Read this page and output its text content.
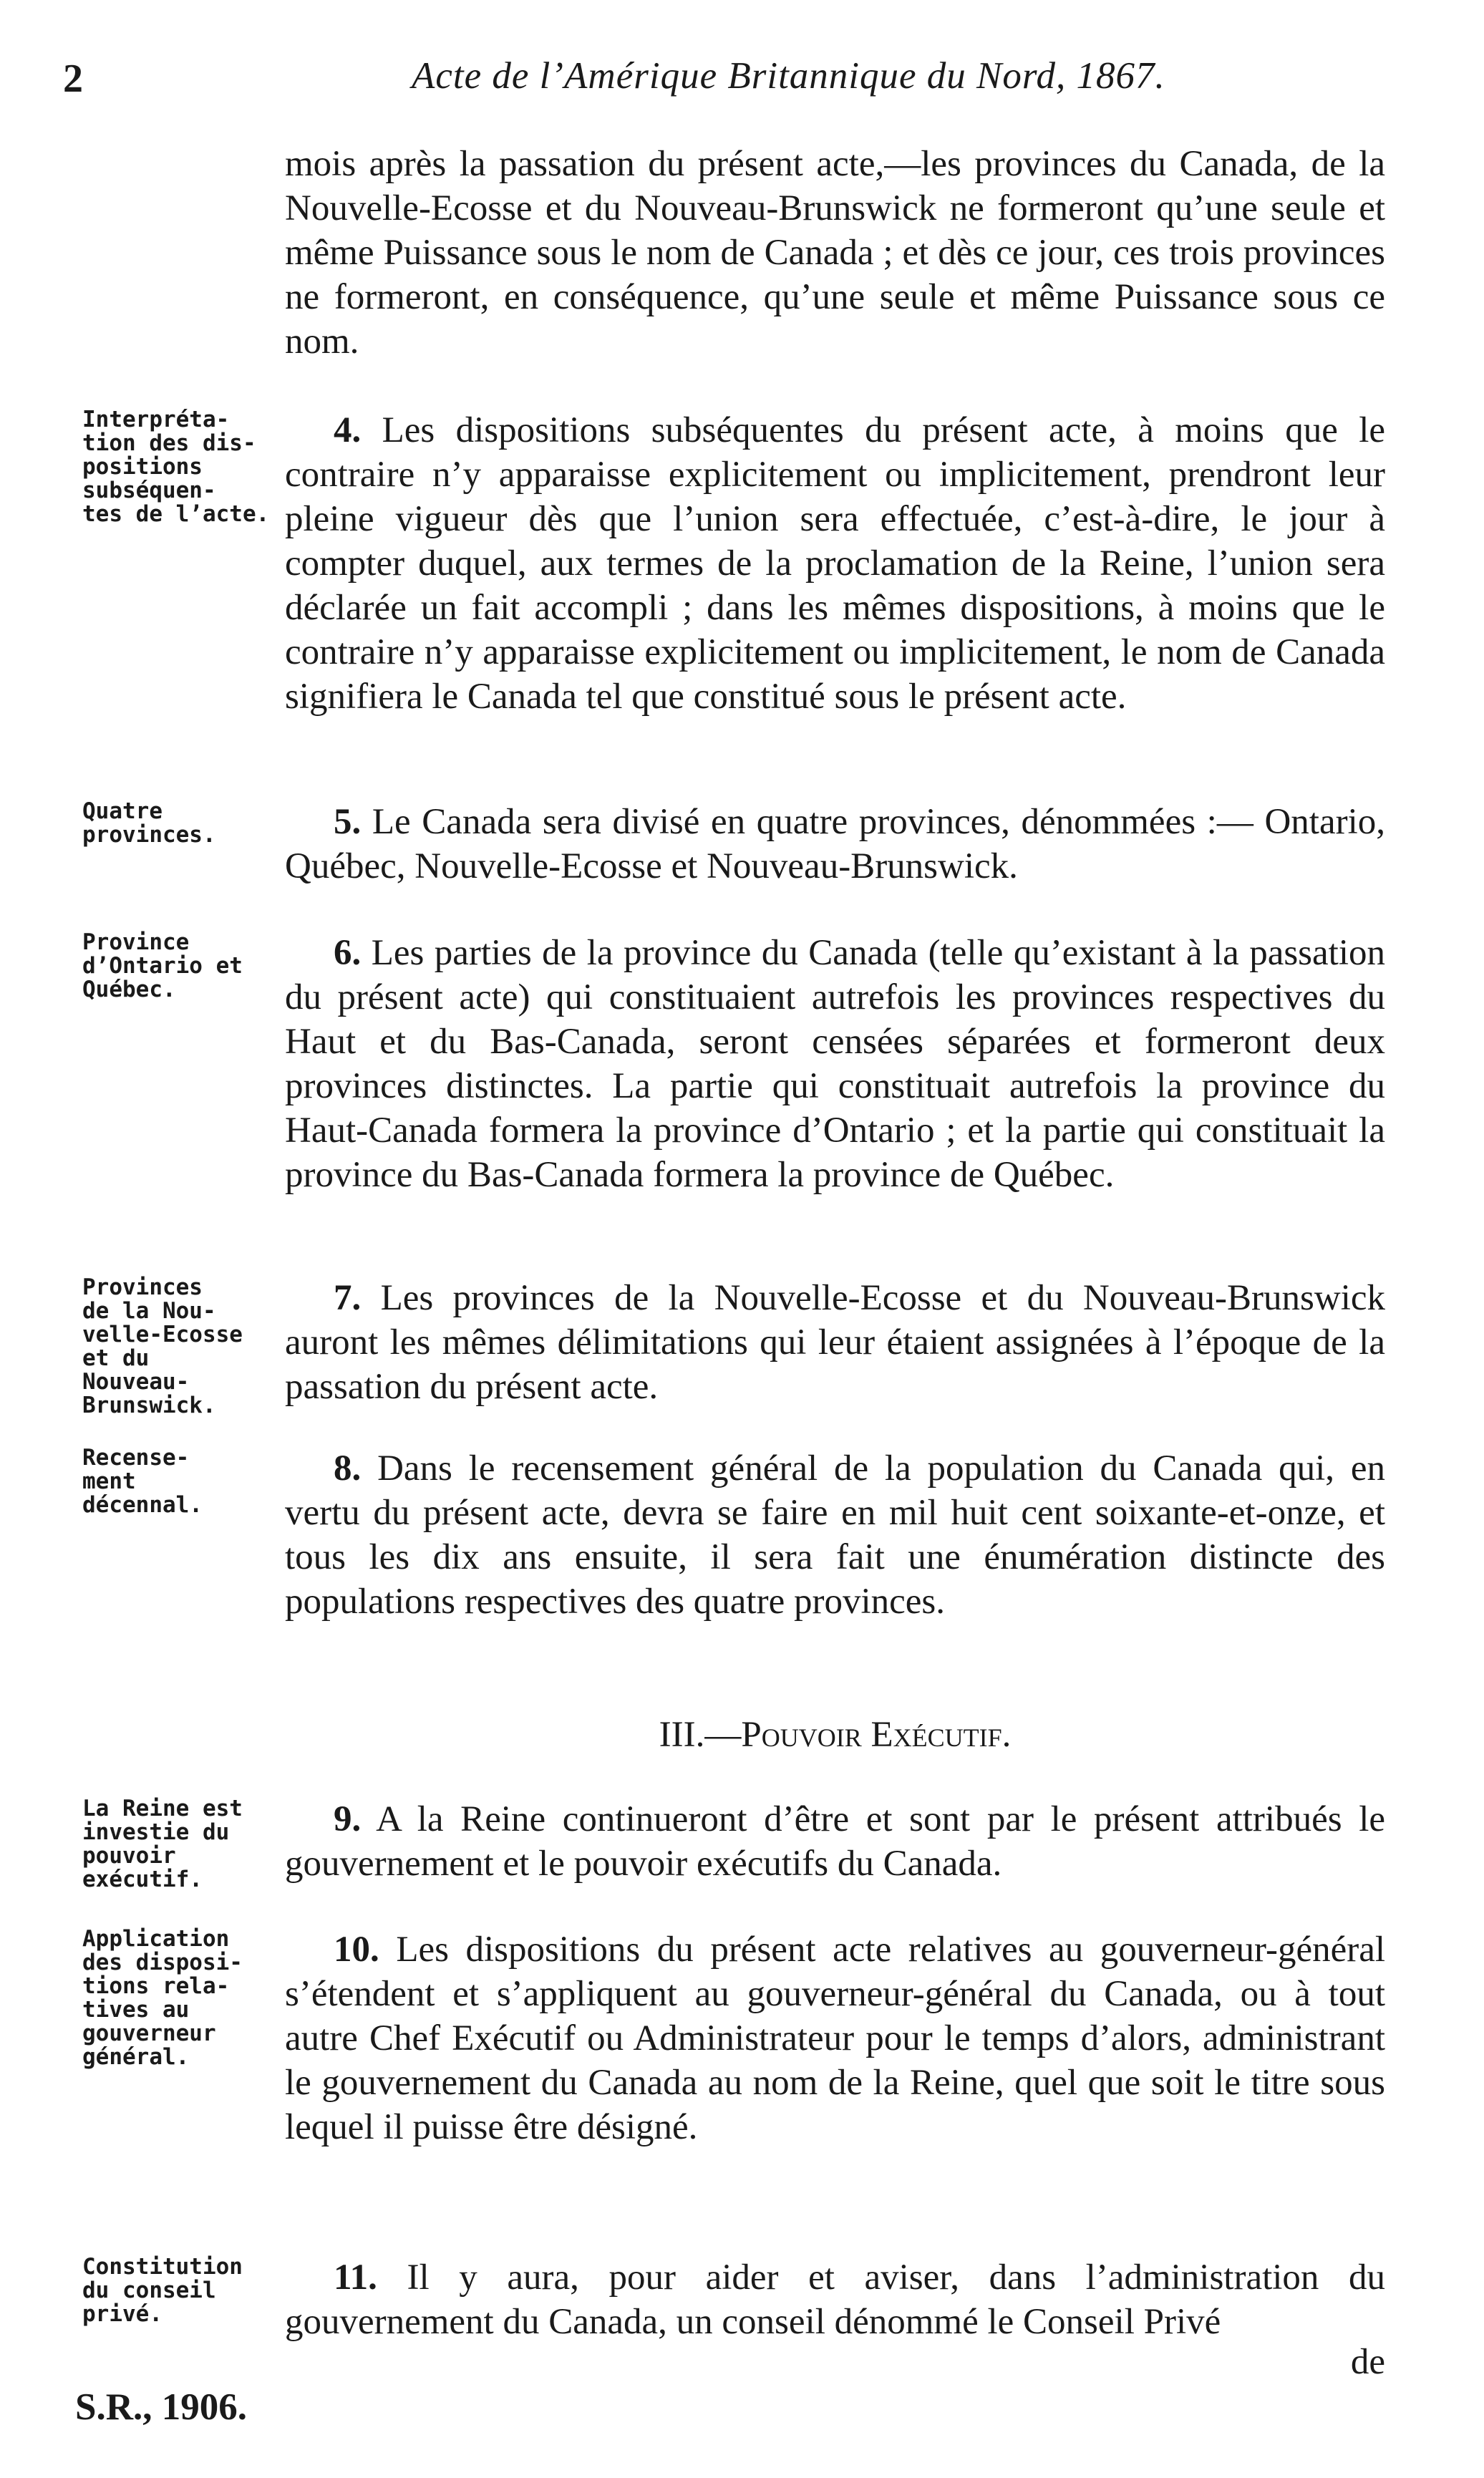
2	Acte de l’Amérique Britannique du Nord, 1867.

mois après la passation du présent acte,—les provinces du Canada, de la Nouvelle-Ecosse et du Nouveau-Brunswick ne formeront qu’une seule et même Puissance sous le nom de Canada ; et dès ce jour, ces trois provinces ne formeront, en conséquence, qu’une seule et même Puissance sous ce nom.

Interpréta-
tion des dis-
positions
subséquen-
tes de l’acte.

4. Les dispositions subséquentes du présent acte, à moins que le contraire n’y apparaisse explicitement ou implicitement, prendront leur pleine vigueur dès que l’union sera effectuée, c’est-à-dire, le jour à compter duquel, aux termes de la proclamation de la Reine, l’union sera déclarée un fait accompli ; dans les mêmes dispositions, à moins que le contraire n’y apparaisse explicitement ou implicitement, le nom de Canada signifiera le Canada tel que constitué sous le présent acte.

Quatre
provinces.	5. Le Canada sera divisé en quatre provinces, dénommées :— Ontario, Québec, Nouvelle-Ecosse et Nouveau-Brunswick.

Province
d’Ontario et
Québec.

6. Les parties de la province du Canada (telle qu’existant à la passation du présent acte) qui constituaient autrefois les provinces respectives du Haut et du Bas-Canada, seront censées séparées et formeront deux provinces distinctes. La partie qui constituait autrefois la province du Haut-Canada formera la province d’Ontario ; et la partie qui constituait la province du Bas-Canada formera la province de Québec.

Provinces
de la Nou-
velle-Ecosse
et du
Nouveau-
Brunswick.

7. Les provinces de la Nouvelle-Ecosse et du Nouveau-Brunswick auront les mêmes délimitations qui leur étaient assignées à l’époque de la passation du présent acte.

Recense-
ment
décennal.

8. Dans le recensement général de la population du Canada qui, en vertu du présent acte, devra se faire en mil huit cent soixante-et-onze, et tous les dix ans ensuite, il sera fait une énumération distincte des populations respectives des quatre provinces.

III.—Pouvoir Exécutif.
La Reine est
investie du
pouvoir
exécutif.

9. A la Reine continueront d’être et sont par le présent attribués le gouvernement et le pouvoir exécutifs du Canada.

Application
des disposi-
tions rela-
tives au
gouverneur
général.

10. Les dispositions du présent acte relatives au gouverneur-général s’étendent et s’appliquent au gouverneur-général du Canada, ou à tout autre Chef Exécutif ou Administrateur pour le temps d’alors, administrant le gouvernement du Canada au nom de la Reine, quel que soit le titre sous lequel il puisse être désigné.

Constitution
du conseil
privé.

11. Il y aura, pour aider et aviser, dans l’administration du gouvernement du Canada, un conseil dénommé le Conseil Privé

de
S.R., 1906.
